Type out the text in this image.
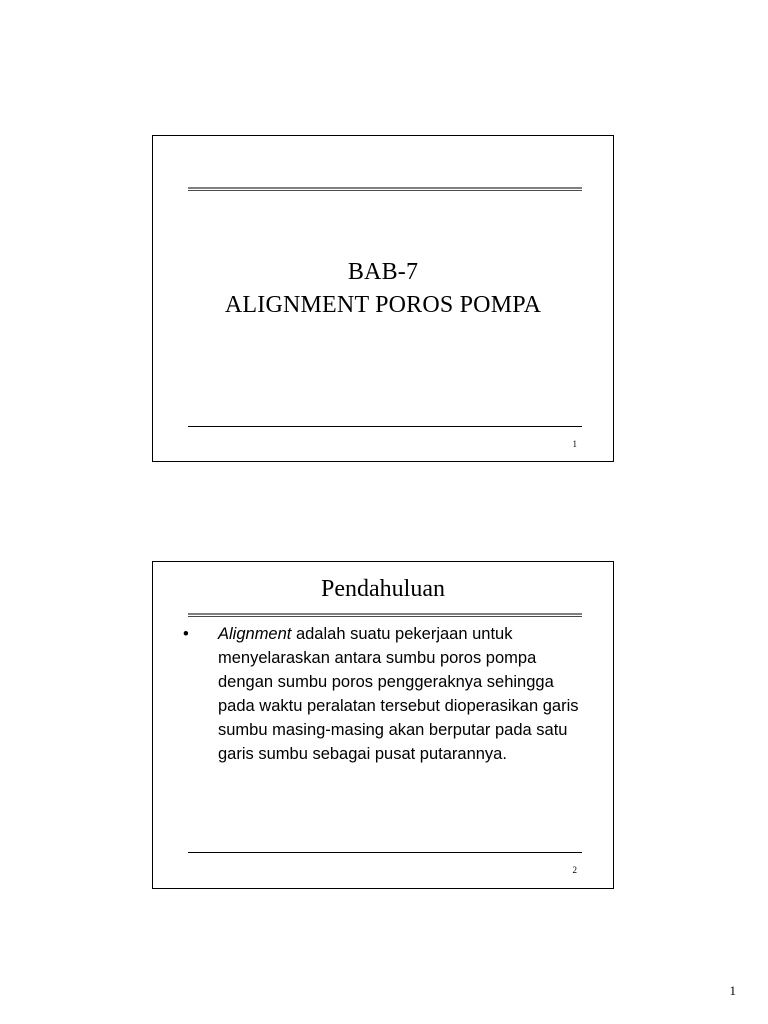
BAB-7
ALIGNMENT POROS POMPA
1
Pendahuluan
• Alignment adalah suatu pekerjaan untuk menyelaraskan antara sumbu poros pompa dengan sumbu poros penggeraknya sehingga pada waktu peralatan tersebut dioperasikan garis sumbu masing-masing akan berputar pada satu garis sumbu sebagai pusat putarannya.
2
1
